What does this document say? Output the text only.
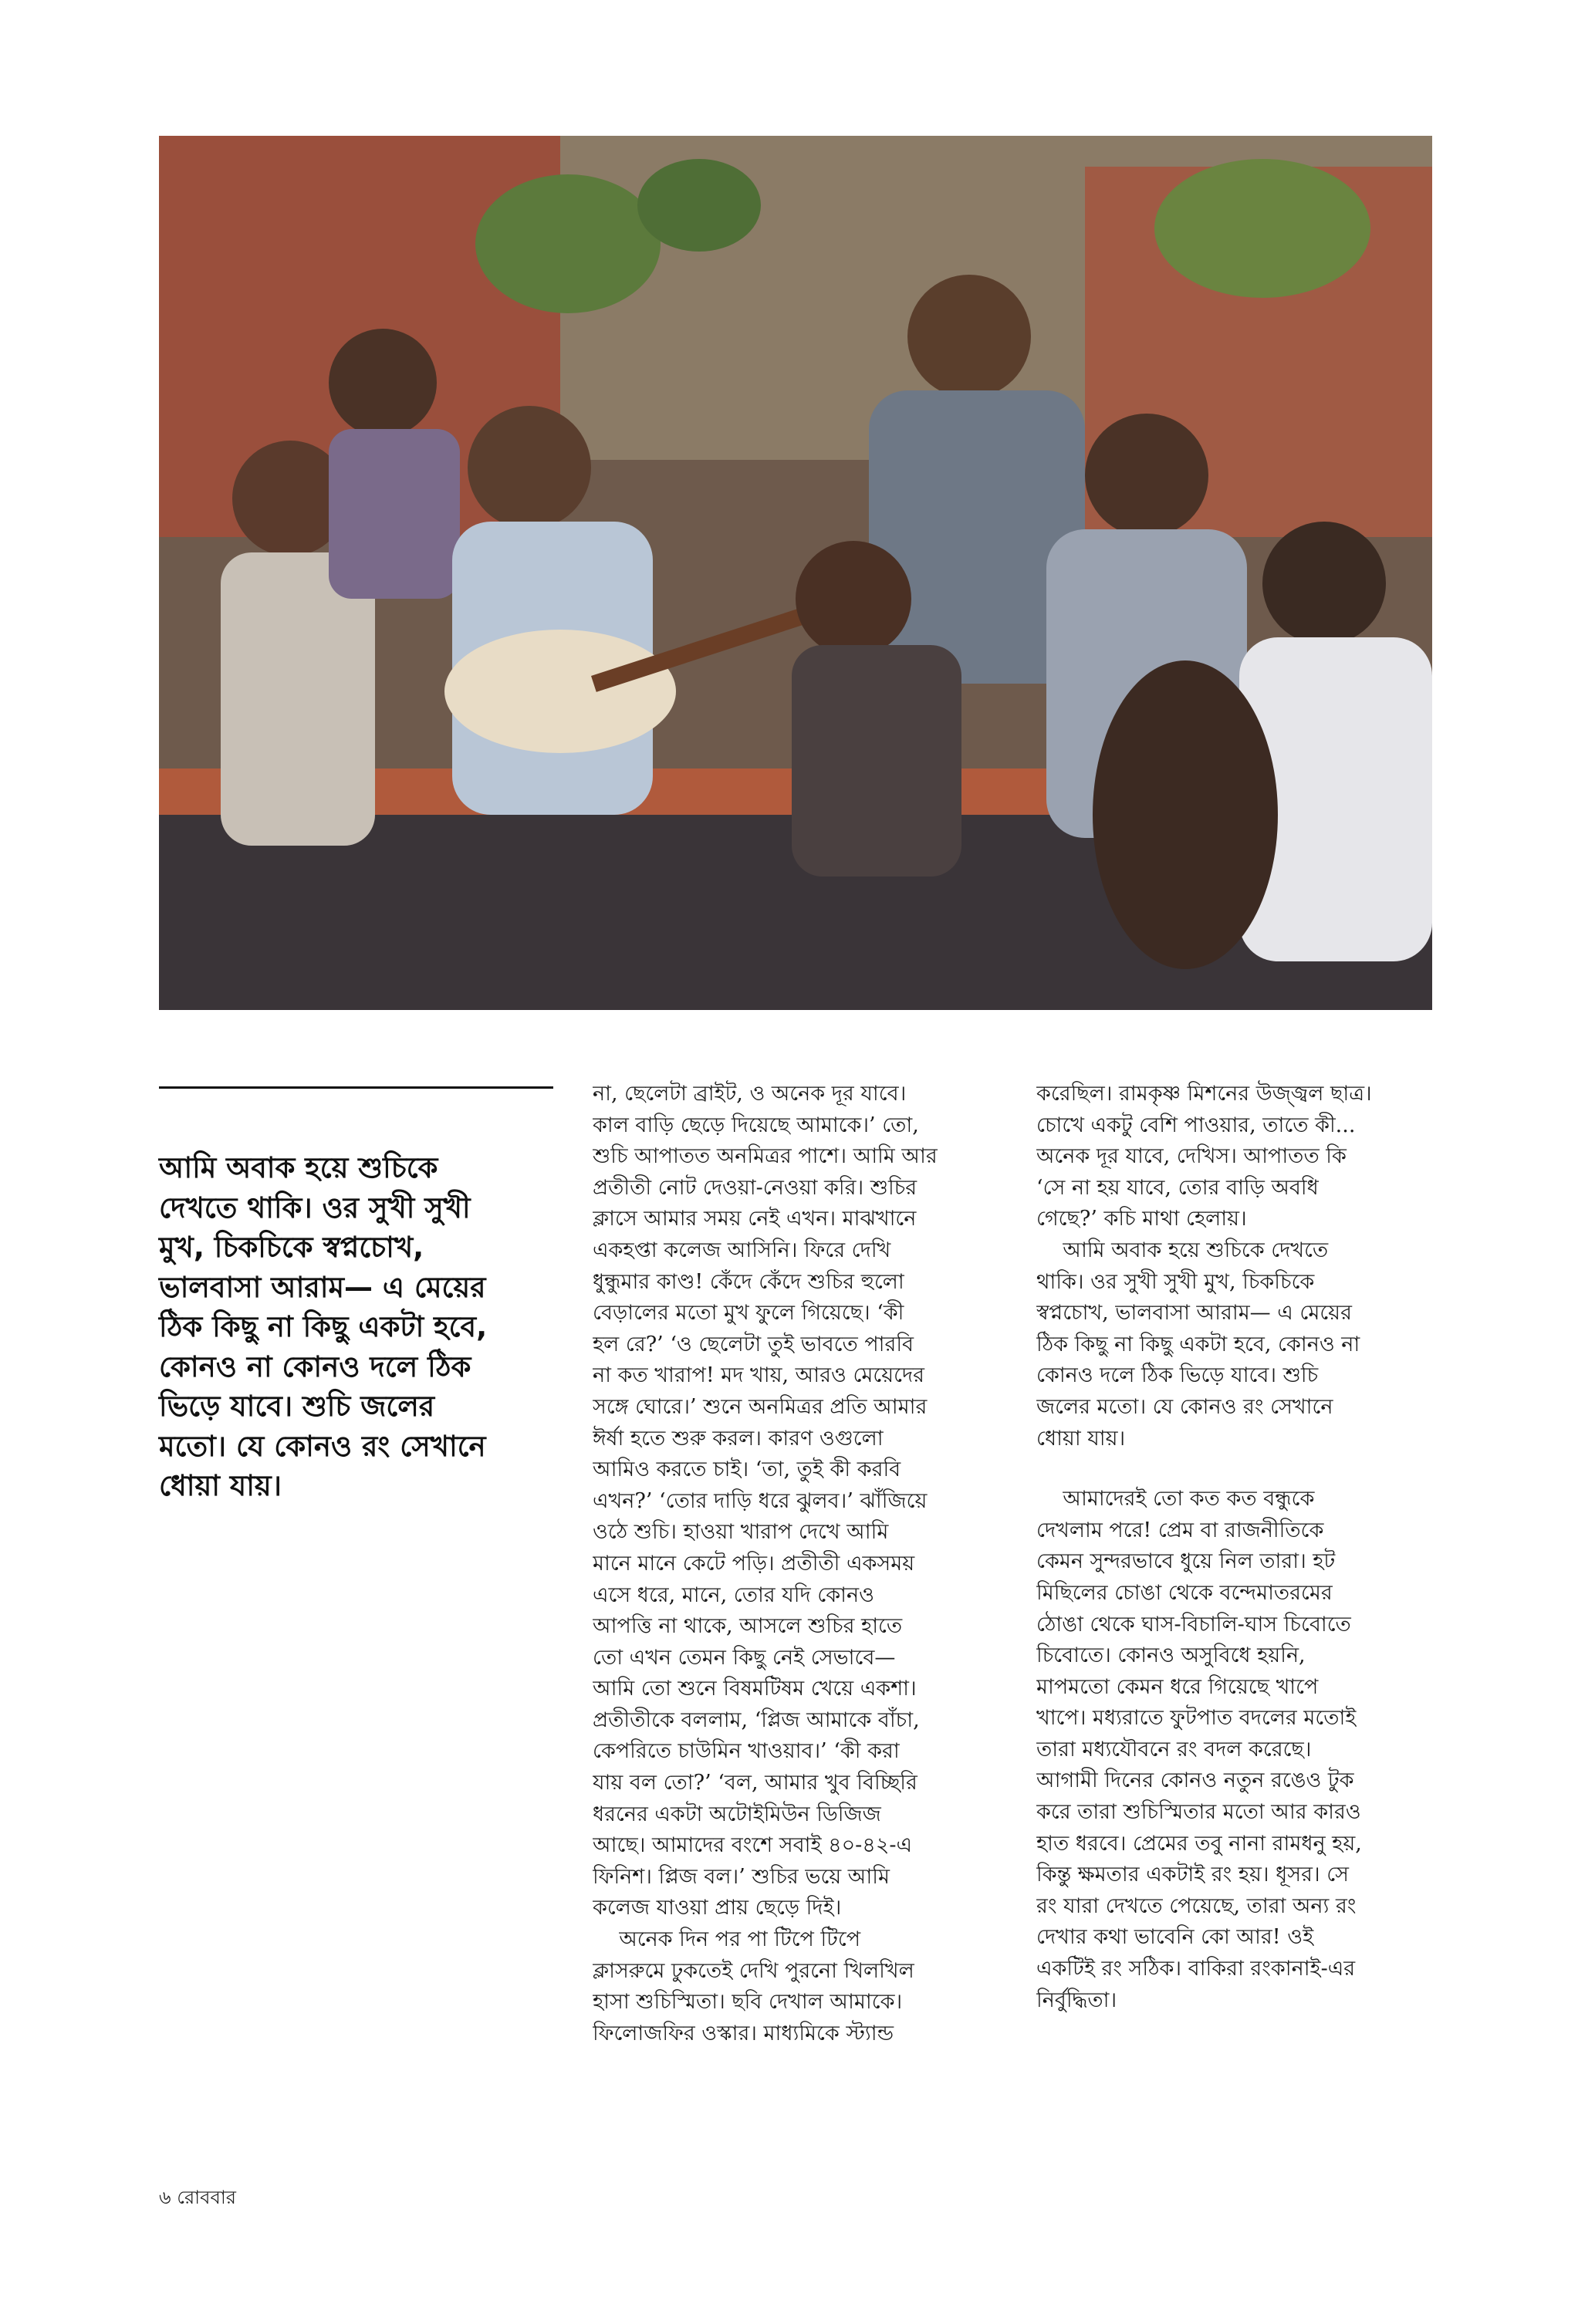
আমি অবাক হয়ে শুচিকে
দেখতে থাকি। ওর সুখী সুখী
মুখ, চিকচিকে স্বপ্নচোখ,
ভালবাসা আরাম— এ মেয়ের
ঠিক কিছু না কিছু একটা হবে,
কোনও না কোনও দলে ঠিক
ভিড়ে যাবে। শুচি জলের
মতো। যে কোনও রং সেখানে
ধোয়া যায়।
না, ছেলেটা ব্রাইট, ও অনেক দূর যাবে।
কাল বাড়ি ছেড়ে দিয়েছে আমাকে।’ তো,
শুচি আপাতত অনমিত্রর পাশে। আমি আর
প্রতীতী নোট দেওয়া-নেওয়া করি। শুচির
ক্লাসে আমার সময় নেই এখন। মাঝখানে
একহপ্তা কলেজ আসিনি। ফিরে দেখি
ধুন্ধুমার কাণ্ড! কেঁদে কেঁদে শুচির হুলো
বেড়ালের মতো মুখ ফুলে গিয়েছে। ‘কী
হল রে?’ ‘ও ছেলেটা তুই ভাবতে পারবি
না কত খারাপ! মদ খায়, আরও মেয়েদের
সঙ্গে ঘোরে।’ শুনে অনমিত্রর প্রতি আমার
ঈর্ষা হতে শুরু করল। কারণ ওগুলো
আমিও করতে চাই। ‘তা, তুই কী করবি
এখন?’ ‘তোর দাড়ি ধরে ঝুলব।’ ঝাঁজিয়ে
ওঠে শুচি। হাওয়া খারাপ দেখে আমি
মানে মানে কেটে পড়ি। প্রতীতী একসময়
এসে ধরে, মানে, তোর যদি কোনও
আপত্তি না থাকে, আসলে শুচির হাতে
তো এখন তেমন কিছু নেই সেভাবে—
আমি তো শুনে বিষমটিষম খেয়ে একশা।
প্রতীতীকে বললাম, ‘প্লিজ আমাকে বাঁচা,
কেপরিতে চাউমিন খাওয়াব।’ ‘কী করা
যায় বল তো?’ ‘বল, আমার খুব বিচ্ছিরি
ধরনের একটা অটোইমিউন ডিজিজ
আছে। আমাদের বংশে সবাই ৪০-৪২-এ
ফিনিশ। প্লিজ বল।’ শুচির ভয়ে আমি
কলেজ যাওয়া প্রায় ছেড়ে দিই।
অনেক দিন পর পা টিপে টিপে
ক্লাসরুমে ঢুকতেই দেখি পুরনো খিলখিল
হাসা শুচিস্মিতা। ছবি দেখাল আমাকে।
ফিলোজফির ওস্কার। মাধ্যমিকে স্ট্যান্ড
করেছিল। রামকৃষ্ণ মিশনের উজ্জ্বল ছাত্র।
চোখে একটু বেশি পাওয়ার, তাতে কী...
অনেক দূর যাবে, দেখিস। আপাতত কি
‘সে না হয় যাবে, তোর বাড়ি অবধি
গেছে?’ কচি মাথা হেলায়।
আমি অবাক হয়ে শুচিকে দেখতে
থাকি। ওর সুখী সুখী মুখ, চিকচিকে
স্বপ্নচোখ, ভালবাসা আরাম— এ মেয়ের
ঠিক কিছু না কিছু একটা হবে, কোনও না
কোনও দলে ঠিক ভিড়ে যাবে। শুচি
জলের মতো। যে কোনও রং সেখানে
ধোয়া যায়।
আমাদেরই তো কত কত বন্ধুকে
দেখলাম পরে! প্রেম বা রাজনীতিকে
কেমন সুন্দরভাবে ধুয়ে নিল তারা। হট
মিছিলের চোঙা থেকে বন্দেমাতরমের
ঠোঙা থেকে ঘাস-বিচালি-ঘাস চিবোতে
চিবোতে। কোনও অসুবিধে হয়নি,
মাপমতো কেমন ধরে গিয়েছে খাপে
খাপে। মধ্যরাতে ফুটপাত বদলের মতোই
তারা মধ্যযৌবনে রং বদল করেছে।
আগামী দিনের কোনও নতুন রঙেও টুক
করে তারা শুচিস্মিতার মতো আর কারও
হাত ধরবে। প্রেমের তবু নানা রামধনু হয়,
কিন্তু ক্ষমতার একটাই রং হয়। ধূসর। সে
রং যারা দেখতে পেয়েছে, তারা অন্য রং
দেখার কথা ভাবেনি কো আর! ওই
একটিই রং সঠিক। বাকিরা রংকানাই-এর
নির্বুদ্ধিতা।
৬ রোববার
